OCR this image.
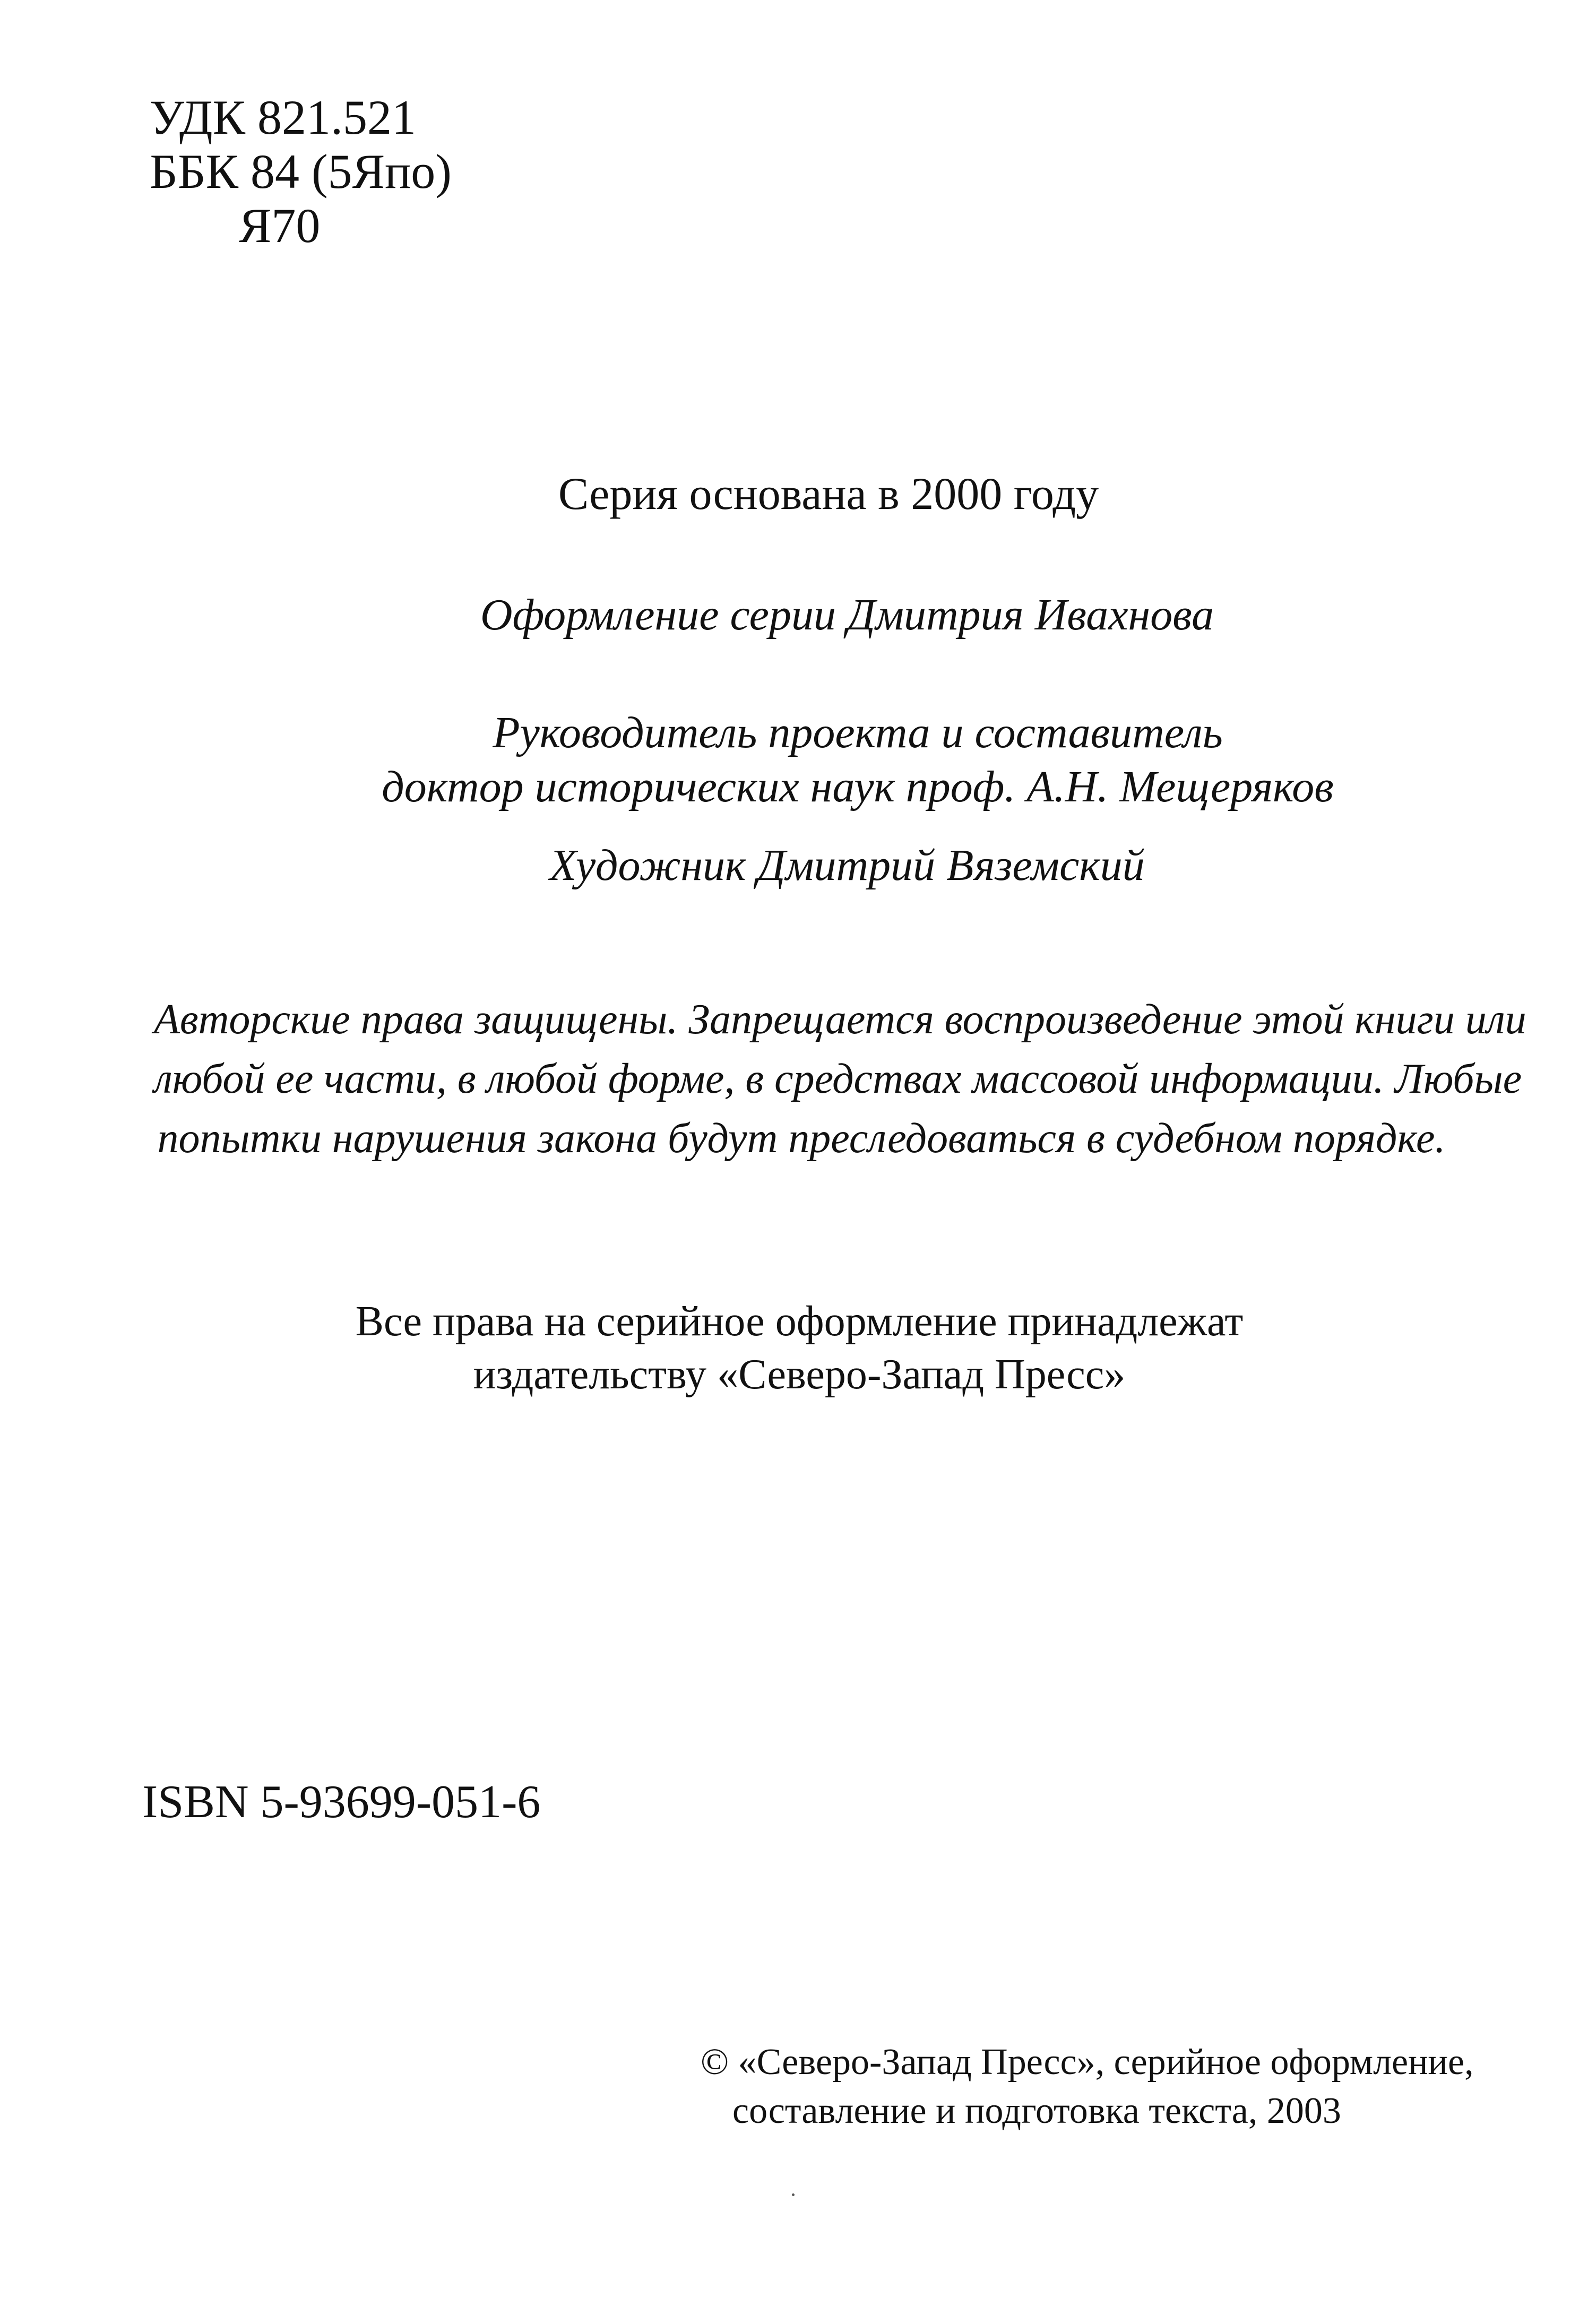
УДК 821.521
ББК 84 (5Япо)
Я70
Серия основана в 2000 году
Оформление серии Дмитрия Ивахнова
Руководитель проекта и составитель
доктор исторических наук проф. А.Н. Мещеряков
Художник Дмитрий Вяземский
Авторские права защищены. Запрещается воспроизведение этой книги или
любой ее части, в любой форме, в средствах массовой информации. Любые
попытки нарушения закона будут преследоваться в судебном порядке.
Все права на серийное оформление принадлежат
издательству «Северо-Запад Пресс»
ISBN 5-93699-051-6
© «Северо-Запад Пресс», серийное оформление,
составление и подготовка текста, 2003
